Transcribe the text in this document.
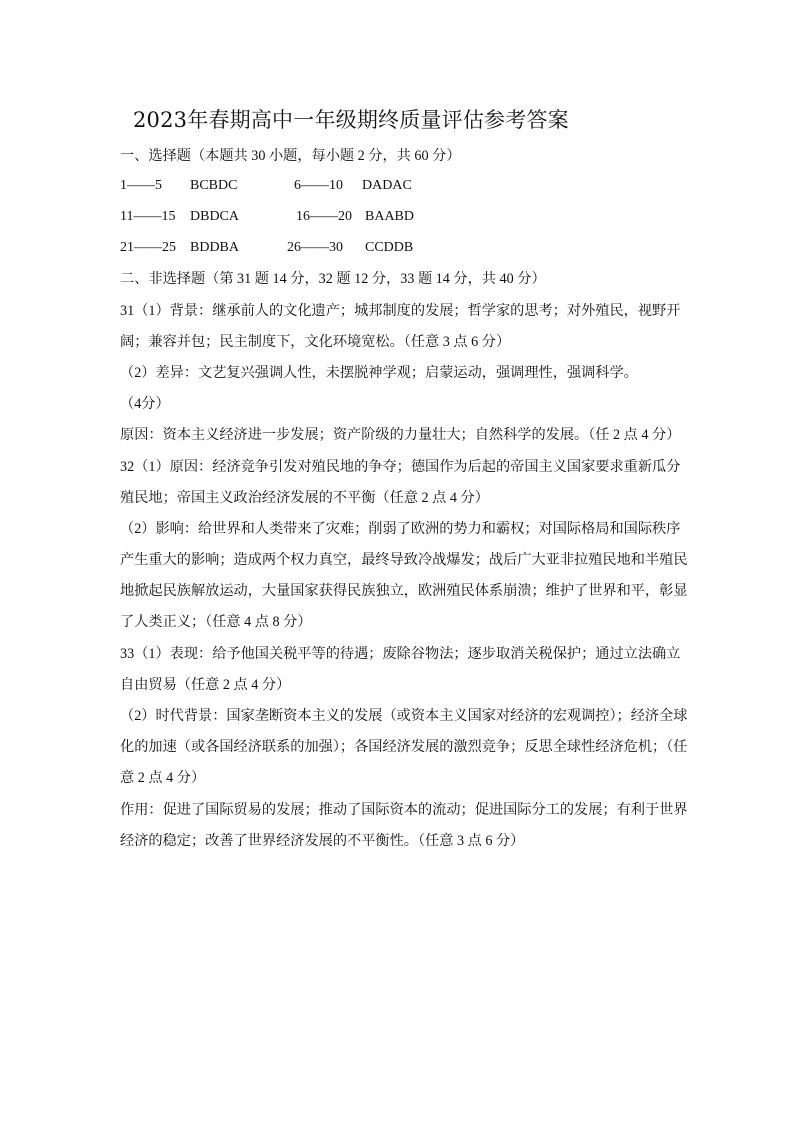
2023年春期高中一年级期终质量评估参考答案
一、选择题（本题共 30 小题，每小题 2 分，共 60 分）
1——5 BCBDC	6——10 DADAC
11——15 DBDCA	16——20 BAABD
21——25 BDDBA	26——30 CCDDB
二、非选择题（第 31 题 14 分，32 题 12 分，33 题 14 分，共 40 分）
31（1）背景：继承前人的文化遗产；城邦制度的发展；哲学家的思考；对外殖民，视野开
阔；兼容并包；民主制度下，文化环境宽松。（任意 3 点 6 分）
（2）差异：文艺复兴强调人性，未摆脱神学观；启蒙运动，强调理性，强调科学。
（4分）
原因：资本主义经济进一步发展；资产阶级的力量壮大；自然科学的发展。（任 2 点 4 分）
32（1）原因：经济竞争引发对殖民地的争夺；德国作为后起的帝国主义国家要求重新瓜分
殖民地；帝国主义政治经济发展的不平衡（任意 2 点 4 分）
（2）影响：给世界和人类带来了灾难；削弱了欧洲的势力和霸权；对国际格局和国际秩序
产生重大的影响；造成两个权力真空，最终导致冷战爆发；战后广大亚非拉殖民地和半殖民
地掀起民族解放运动，大量国家获得民族独立，欧洲殖民体系崩溃；维护了世界和平，彰显
了人类正义；（任意 4 点 8 分）
33（1）表现：给予他国关税平等的待遇；废除谷物法；逐步取消关税保护；通过立法确立
自由贸易（任意 2 点 4 分）
（2）时代背景：国家垄断资本主义的发展（或资本主义国家对经济的宏观调控）；经济全球
化的加速（或各国经济联系的加强）；各国经济发展的激烈竞争；反思全球性经济危机；（任
意 2 点 4 分）
作用：促进了国际贸易的发展；推动了国际资本的流动；促进国际分工的发展；有利于世界
经济的稳定；改善了世界经济发展的不平衡性。（任意 3 点 6 分）
